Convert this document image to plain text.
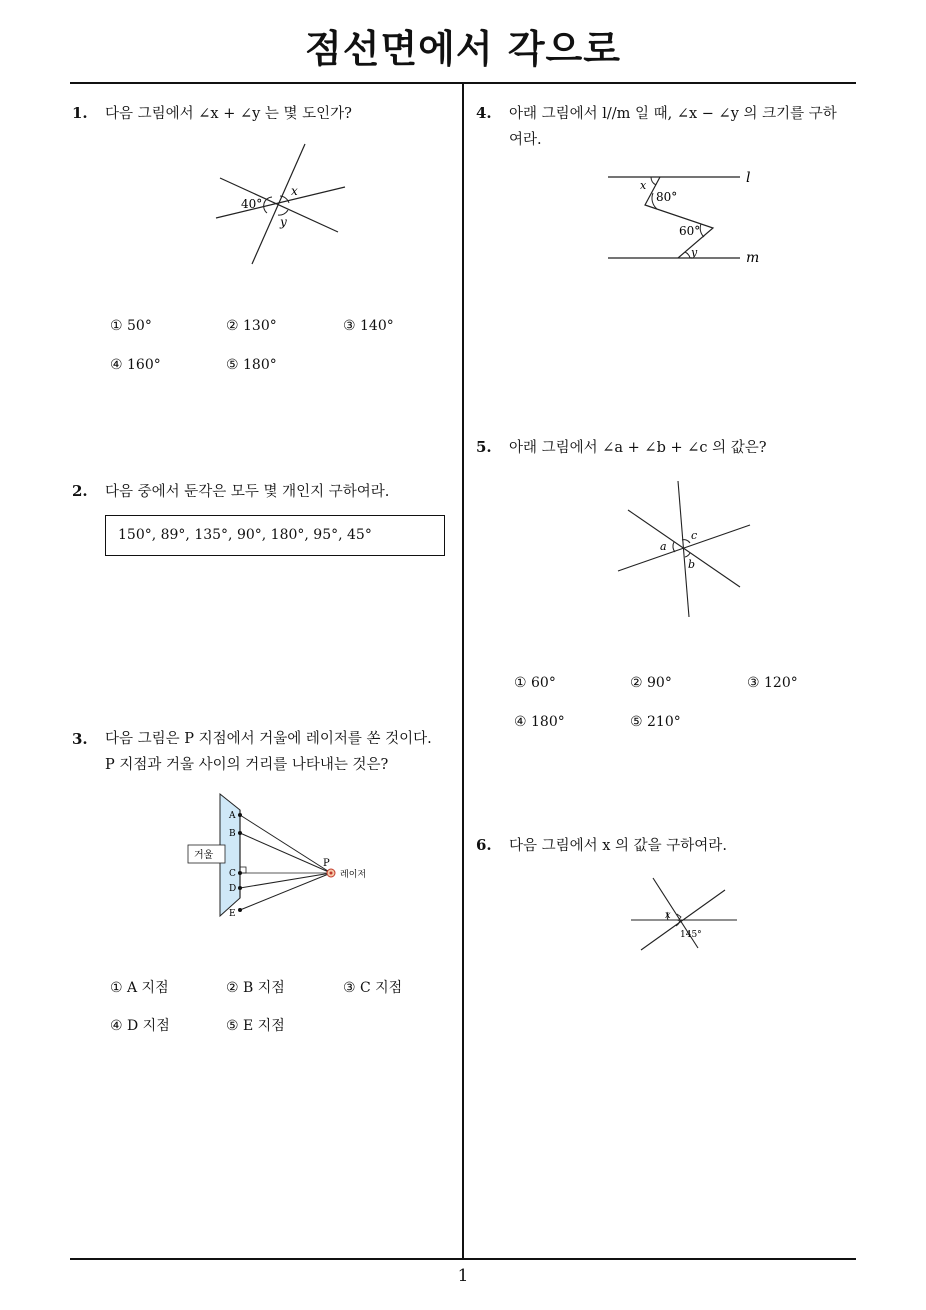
점선면에서 각으로
1
1. 다음 그림에서 ∠x + ∠y 는 몇 도인가?
40°
x
y
① 50°	② 130°	③ 140°
④ 160°	⑤ 180°
2. 다음 중에서 둔각은 모두 몇 개인지 구하여라.
150°, 89°, 135°, 90°, 180°, 95°, 45°
3. 다음 그림은 P 지점에서 거울에 레이저를 쏜 것이다.
P 지점과 거울 사이의 거리를 나타내는 것은?
거울
레이저
P
A
B
C
D
E
① A 지점	② B 지점	③ C 지점
④ D 지점	⑤ E 지점
4. 아래 그림에서 l//m 일 때, ∠x − ∠y 의 크기를 구하
여라.
l
m
x
80°
60°
y
5. 아래 그림에서 ∠a + ∠b + ∠c 의 값은?
a
b
c
① 60°	② 90°	③ 120°
④ 180°	⑤ 210°
6. 다음 그림에서 x 의 값을 구하여라.
x
145°
